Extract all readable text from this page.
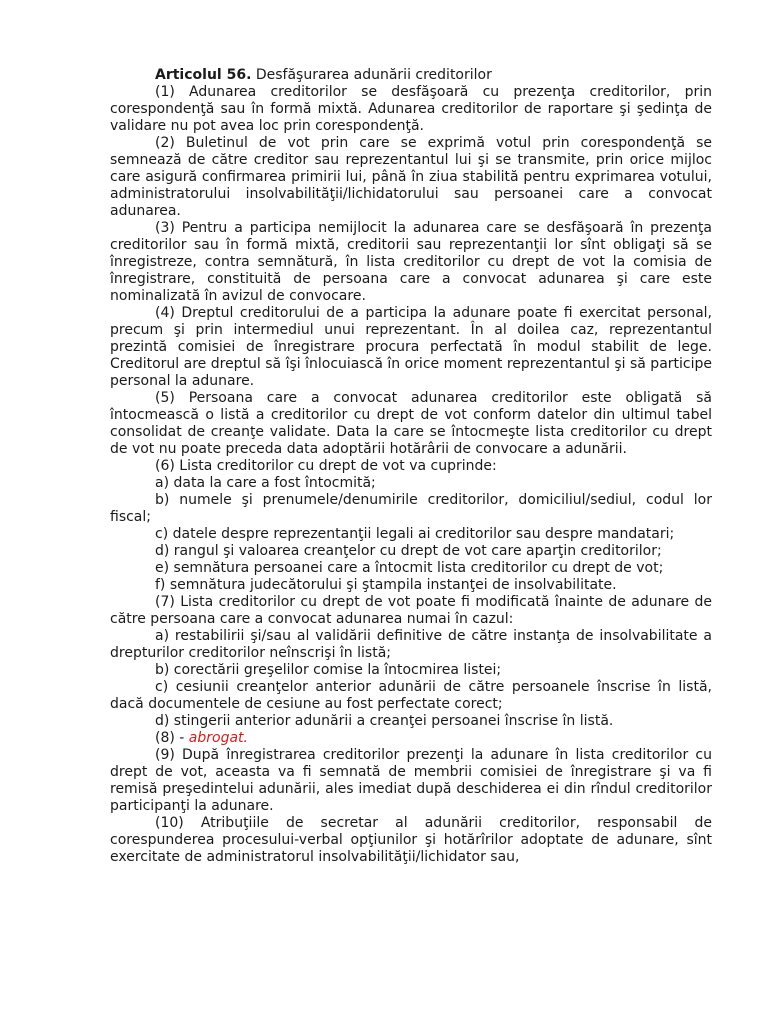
Articolul 56. Desfăşurarea adunării creditorilor

(1) Adunarea creditorilor se desfăşoară cu prezenţa creditorilor, prin corespondenţă sau în formă mixtă. Adunarea creditorilor de raportare şi şedinţa de validare nu pot avea loc prin corespondenţă.

(2) Buletinul de vot prin care se exprimă votul prin corespondenţă se semnează de către creditor sau reprezentantul lui şi se transmite, prin orice mijloc care asigură confirmarea primirii lui, până în ziua stabilită pentru exprimarea votului, administratorului insolvabilităţii/lichidatorului sau persoanei care a convocat adunarea.

(3) Pentru a participa nemijlocit la adunarea care se desfăşoară în prezenţa creditorilor sau în formă mixtă, creditorii sau reprezentanţii lor sînt obligaţi să se înregistreze, contra semnătură, în lista creditorilor cu drept de vot la comisia de înregistrare, constituită de persoana care a convocat adunarea şi care este nominalizată în avizul de convocare.

(4) Dreptul creditorului de a participa la adunare poate fi exercitat personal, precum şi prin intermediul unui reprezentant. În al doilea caz, reprezentantul prezintă comisiei de înregistrare procura perfectată în modul stabilit de lege. Creditorul are dreptul să îşi înlocuiască în orice moment reprezentantul şi să participe personal la adunare.

(5) Persoana care a convocat adunarea creditorilor este obligată să întocmească o listă a creditorilor cu drept de vot conform datelor din ultimul tabel consolidat de creanţe validate. Data la care se întocmeşte lista creditorilor cu drept de vot nu poate preceda data adoptării hotărârii de convocare a adunării.

(6) Lista creditorilor cu drept de vot va cuprinde:

a) data la care a fost întocmită;

b) numele şi prenumele/denumirile creditorilor, domiciliul/sediul, codul lor fiscal;

c) datele despre reprezentanţii legali ai creditorilor sau despre mandatari;

d) rangul şi valoarea creanţelor cu drept de vot care aparţin creditorilor;

e) semnătura persoanei care a întocmit lista creditorilor cu drept de vot;

f) semnătura judecătorului şi ştampila instanţei de insolvabilitate.

(7) Lista creditorilor cu drept de vot poate fi modificată înainte de adunare de către persoana care a convocat adunarea numai în cazul:

a) restabilirii şi/sau al validării definitive de către instanţa de insolvabilitate a drepturilor creditorilor neînscrişi în listă;

b) corectării greşelilor comise la întocmirea listei;

c) cesiunii creanţelor anterior adunării de către persoanele înscrise în listă, dacă documentele de cesiune au fost perfectate corect;

d) stingerii anterior adunării a creanţei persoanei înscrise în listă.

(8) - abrogat.

(9) După înregistrarea creditorilor prezenţi la adunare în lista creditorilor cu drept de vot, aceasta va fi semnată de membrii comisiei de înregistrare şi va fi remisă preşedintelui adunării, ales imediat după deschiderea ei din rîndul creditorilor participanţi la adunare.

(10) Atribuţiile de secretar al adunării creditorilor, responsabil de corespunderea procesului-verbal opţiunilor şi hotărîrilor adoptate de adunare, sînt exercitate de administratorul insolvabilităţii/lichidator sau,
